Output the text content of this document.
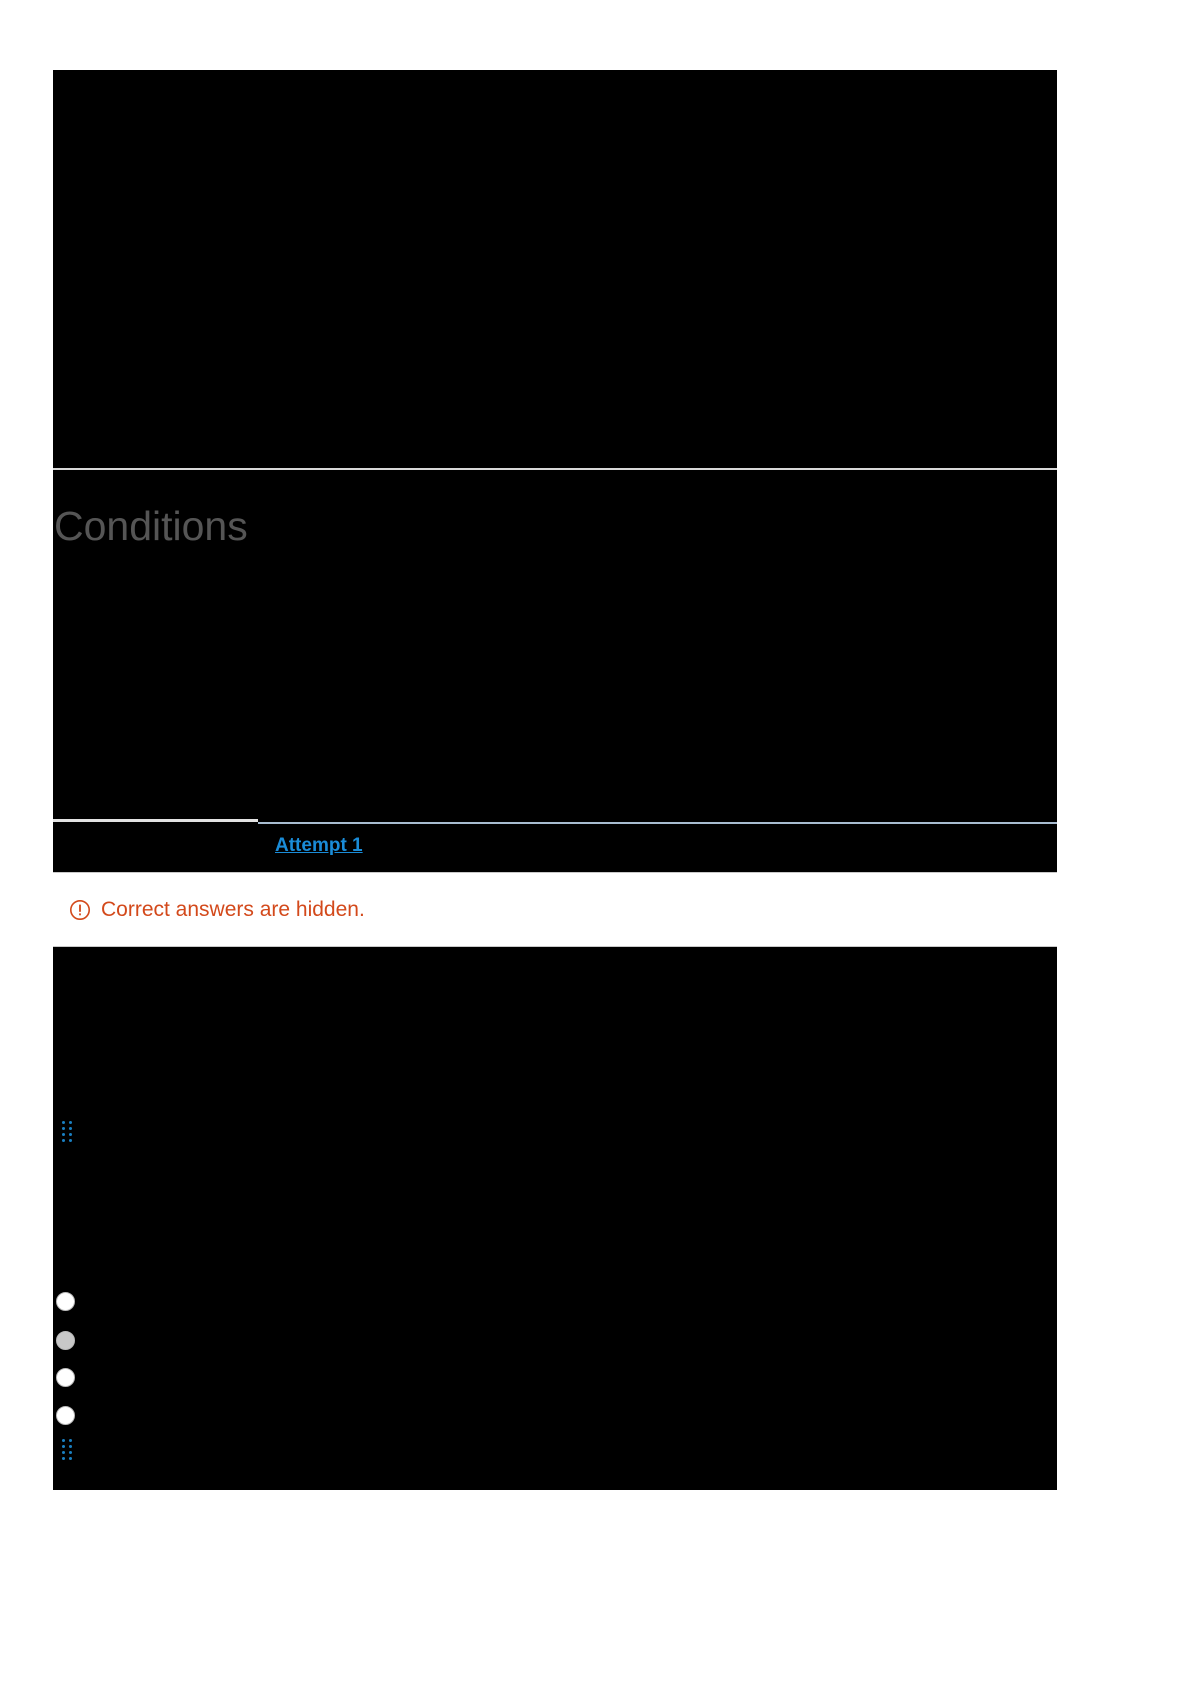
Conditions
Attempt 1
Correct answers are hidden.
